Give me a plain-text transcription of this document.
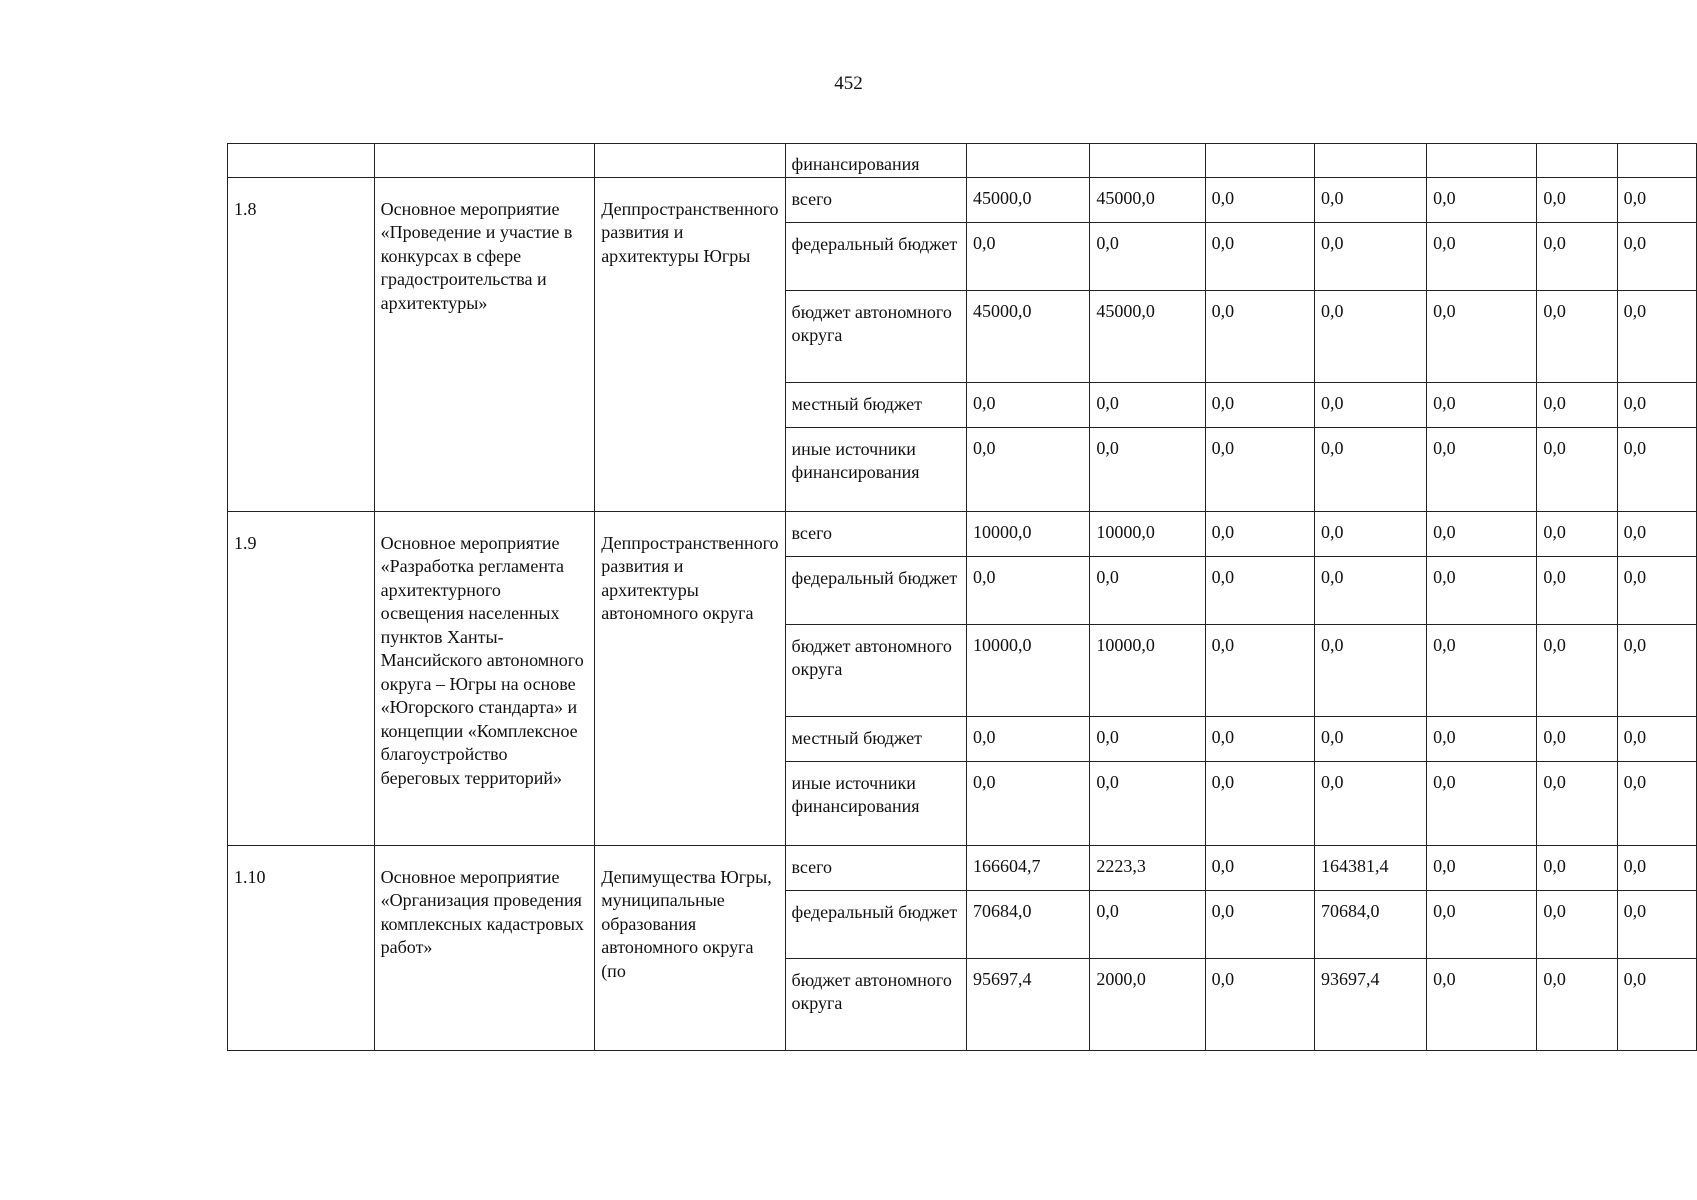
452
			финансирования							
1.8	Основное мероприятие «Проведение и участие в конкурсах в сфере градостроительства и архитектуры»	Деппространственного развития и архитектуры Югры	всего	45000,0	45000,0	0,0	0,0	0,0	0,0	0,0
			федеральный бюджет	0,0	0,0	0,0	0,0	0,0	0,0	0,0
			бюджет автономного округа	45000,0	45000,0	0,0	0,0	0,0	0,0	0,0
			местный бюджет	0,0	0,0	0,0	0,0	0,0	0,0	0,0
			иные источники финансирования	0,0	0,0	0,0	0,0	0,0	0,0	0,0
1.9	Основное мероприятие «Разработка регламента архитектурного освещения населенных пунктов Ханты-Мансийского автономного округа – Югры на основе «Югорского стандарта» и концепции «Комплексное благоустройство береговых территорий»	Деппространственного развития и архитектуры автономного округа	всего	10000,0	10000,0	0,0	0,0	0,0	0,0	0,0
			федеральный бюджет	0,0	0,0	0,0	0,0	0,0	0,0	0,0
			бюджет автономного округа	10000,0	10000,0	0,0	0,0	0,0	0,0	0,0
			местный бюджет	0,0	0,0	0,0	0,0	0,0	0,0	0,0
			иные источники финансирования	0,0	0,0	0,0	0,0	0,0	0,0	0,0
1.10	Основное мероприятие «Организация проведения комплексных кадастровых работ»	Депимущества Югры, муниципальные образования автономного округа (по	всего	166604,7	2223,3	0,0	164381,4	0,0	0,0	0,0
			федеральный бюджет	70684,0	0,0	0,0	70684,0	0,0	0,0	0,0
			бюджет автономного округа	95697,4	2000,0	0,0	93697,4	0,0	0,0	0,0
